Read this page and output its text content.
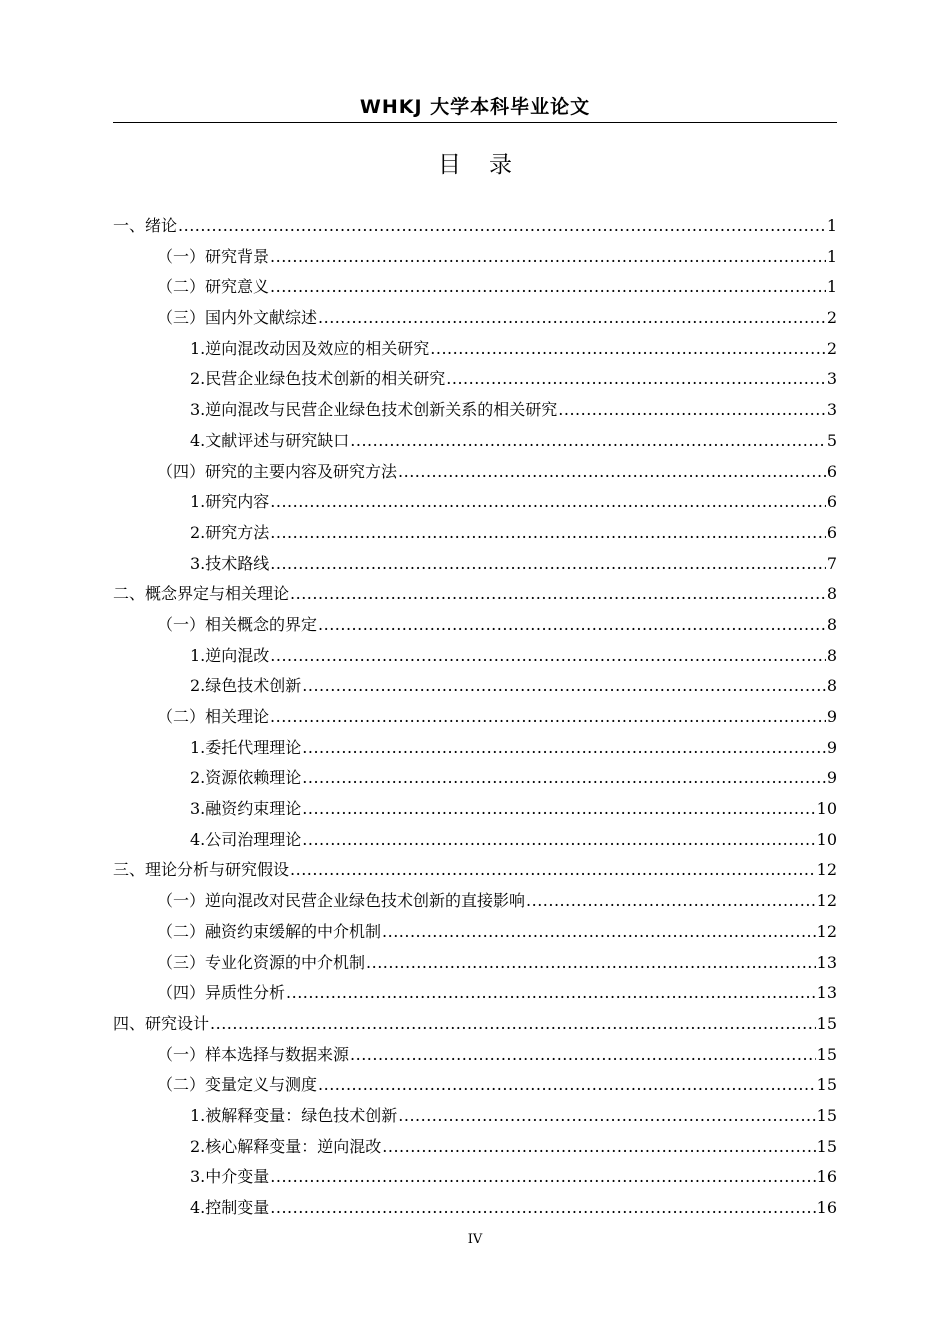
WHKJ 大学本科毕业论文
目录
一、绪论 .....	1
（一）研究背景 .....	1
（二）研究意义 .....	1
（三）国内外文献综述 .....	2
1.逆向混改动因及效应的相关研究 .....	2
2.民营企业绿色技术创新的相关研究 .....	3
3.逆向混改与民营企业绿色技术创新关系的相关研究 .....	3
4.文献评述与研究缺口 .....	5
（四）研究的主要内容及研究方法 .....	6
1.研究内容 .....	6
2.研究方法 .....	6
3.技术路线 .....	7
二、概念界定与相关理论 .....	8
（一）相关概念的界定 .....	8
1.逆向混改 .....	8
2.绿色技术创新 .....	8
（二）相关理论 .....	9
1.委托代理理论 .....	9
2.资源依赖理论 .....	9
3.融资约束理论 .....	10
4.公司治理理论 .....	10
三、理论分析与研究假设 .....	12
（一）逆向混改对民营企业绿色技术创新的直接影响 .....	12
（二）融资约束缓解的中介机制 .....	12
（三）专业化资源的中介机制 .....	13
（四）异质性分析 .....	13
四、研究设计 .....	15
（一）样本选择与数据来源 .....	15
（二）变量定义与测度 .....	15
1.被解释变量：绿色技术创新 .....	15
2.核心解释变量：逆向混改 .....	15
3.中介变量 .....	16
4.控制变量 .....	16
IV
